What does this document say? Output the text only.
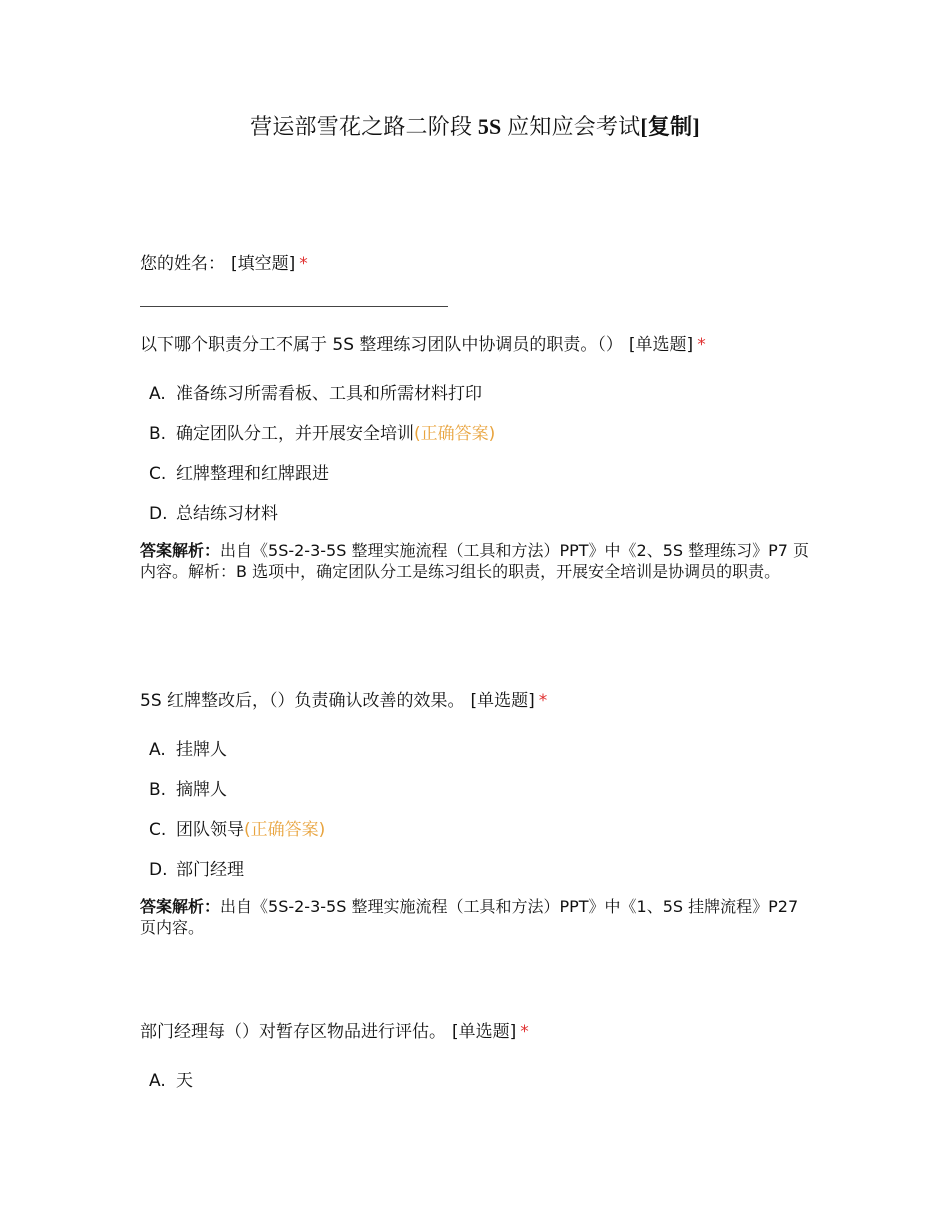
营运部雪花之路二阶段 5S 应知应会考试[复制]
您的姓名： [填空题] *
以下哪个职责分工不属于 5S 整理练习团队中协调员的职责。（） [单选题] *
A. 准备练习所需看板、工具和所需材料打印
B. 确定团队分工，并开展安全培训(正确答案)
C. 红牌整理和红牌跟进
D. 总结练习材料
答案解析：出自《5S-2-3-5S 整理实施流程（工具和方法）PPT》中《2、5S 整理练习》P7 页内容。解析：B 选项中，确定团队分工是练习组长的职责，开展安全培训是协调员的职责。
5S 红牌整改后，（）负责确认改善的效果。 [单选题] *
A. 挂牌人
B. 摘牌人
C. 团队领导(正确答案)
D. 部门经理
答案解析：出自《5S-2-3-5S 整理实施流程（工具和方法）PPT》中《1、5S 挂牌流程》P27 页内容。
部门经理每（）对暂存区物品进行评估。 [单选题] *
A. 天
